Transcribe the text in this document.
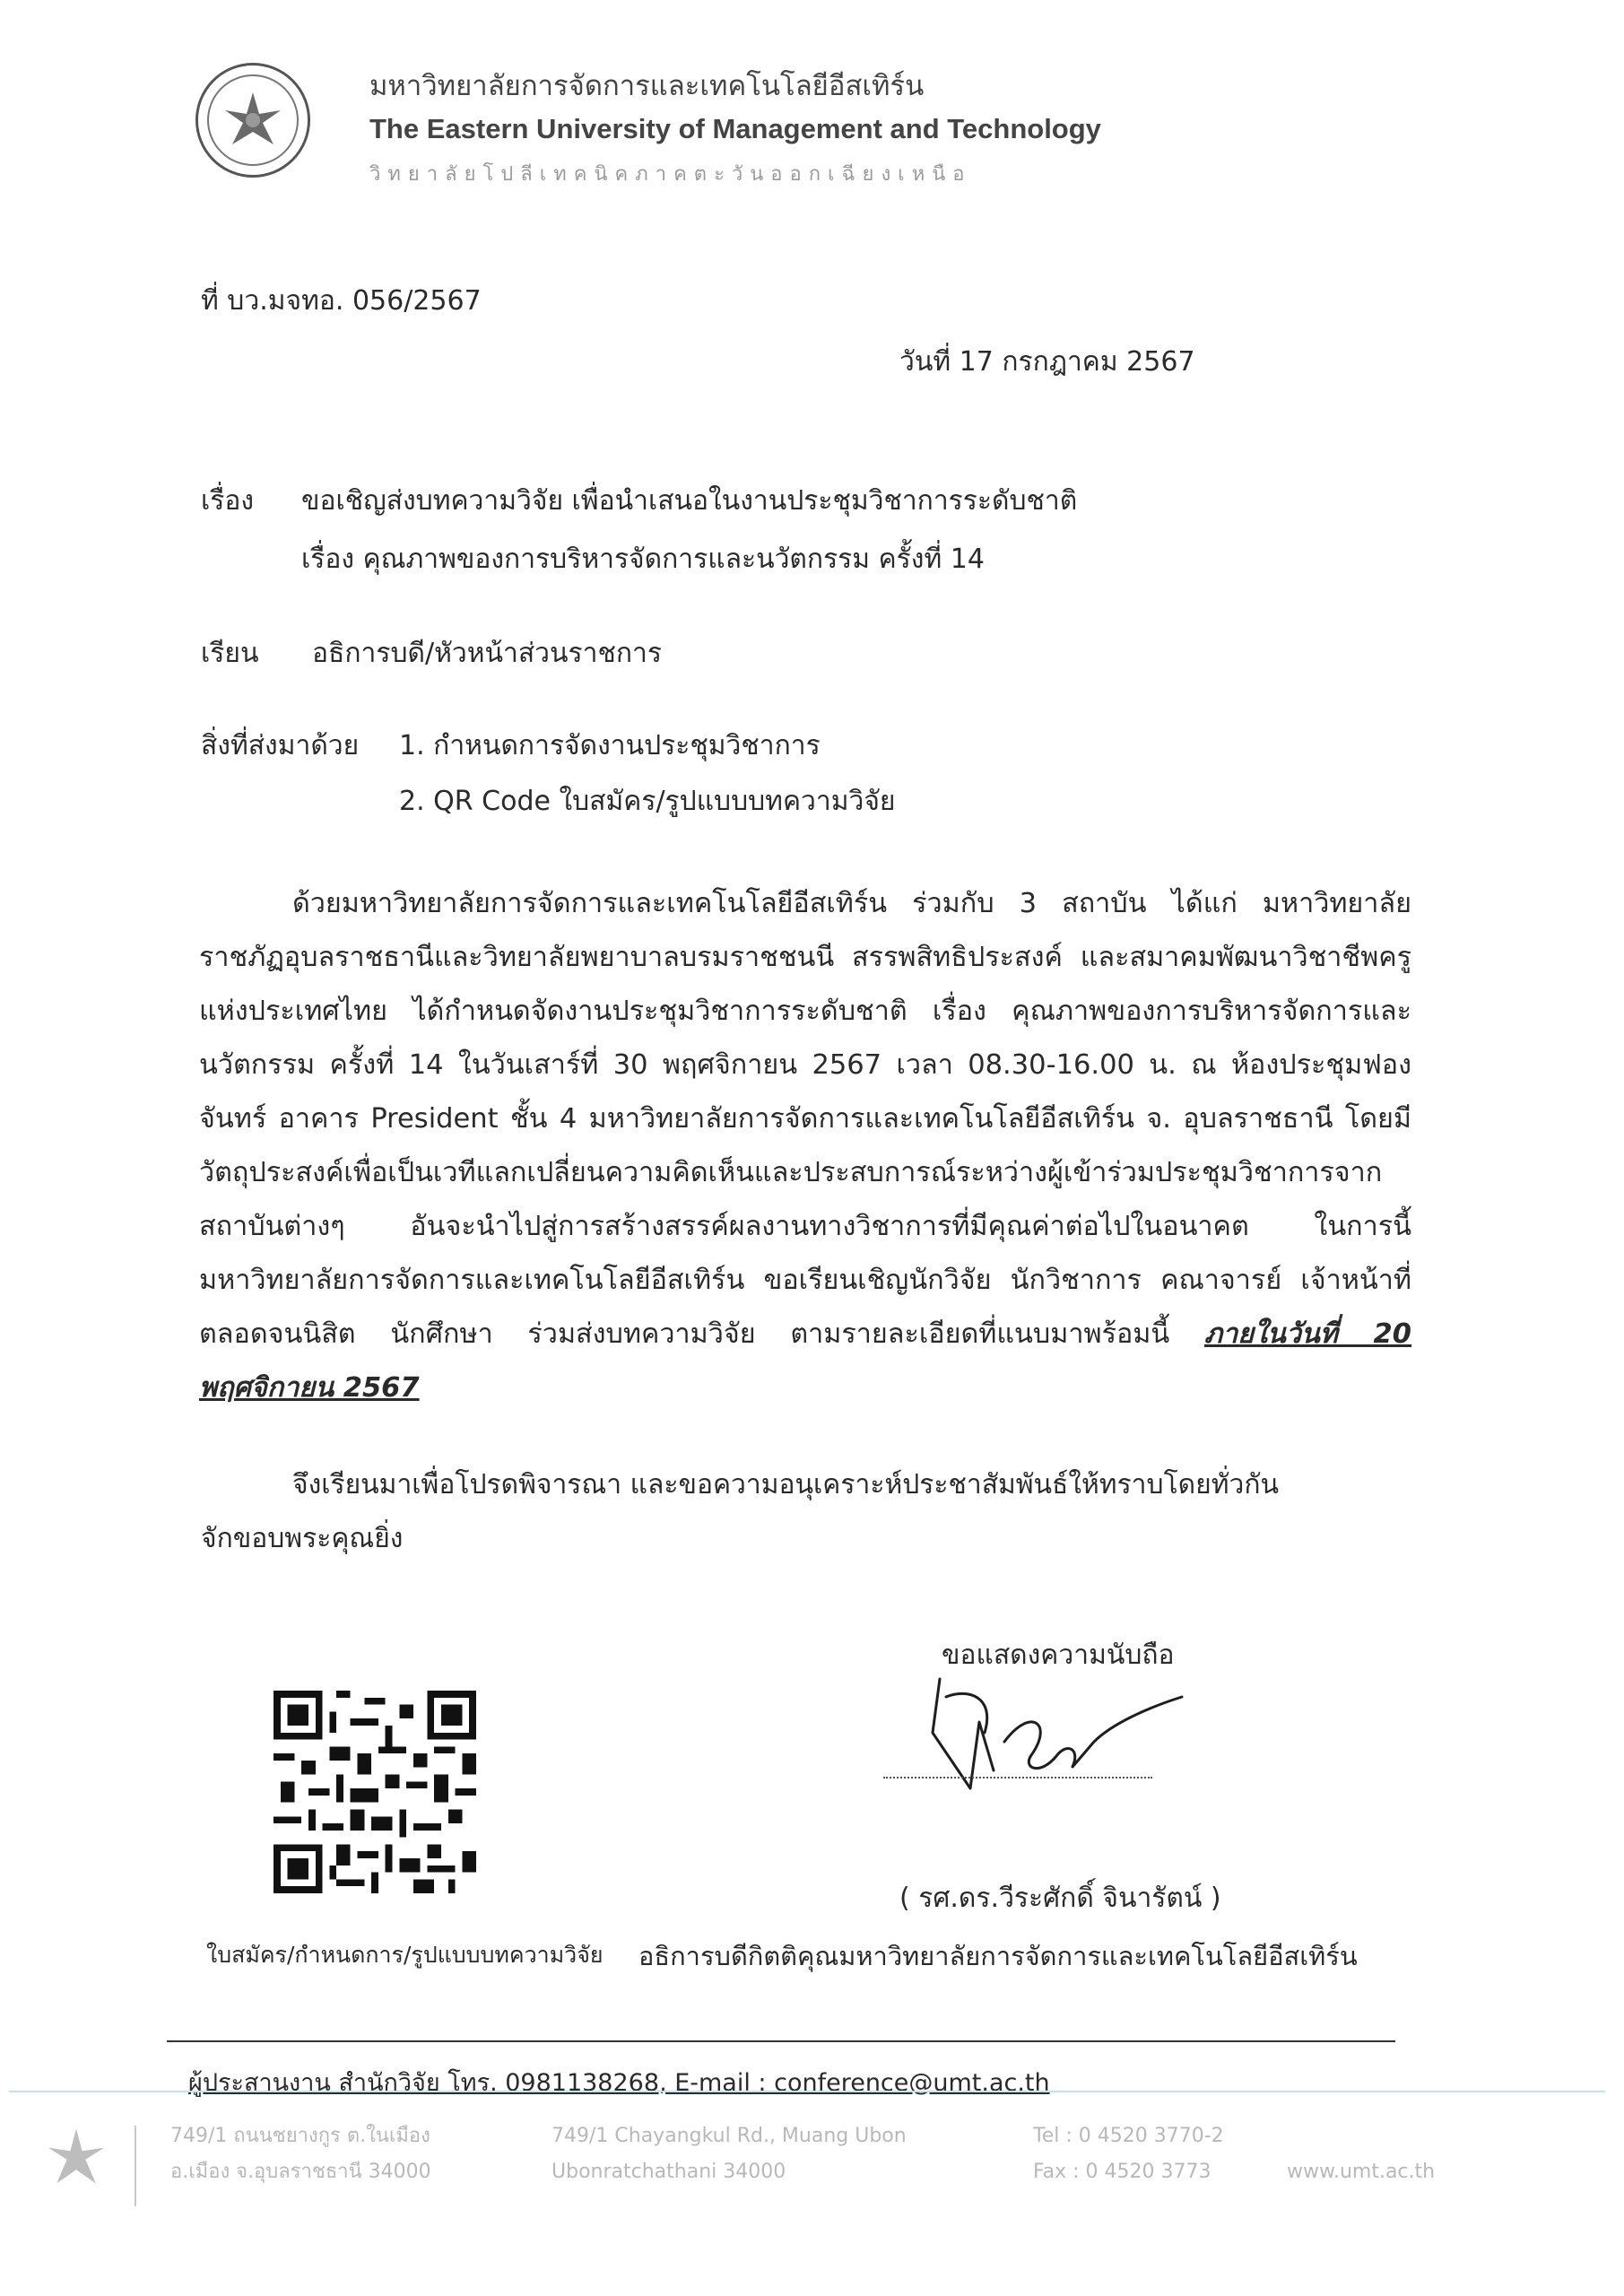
มหาวิทยาลัยการจัดการและเทคโนโลยีอีสเทิร์น
The Eastern University of Management and Technology
วิทยาลัยโปลีเทคนิคภาคตะวันออกเฉียงเหนือ
ที่ บว.มจทอ. 056/2567
วันที่ 17 กรกฎาคม 2567
เรื่อง ขอเชิญส่งบทความวิจัย เพื่อนำเสนอในงานประชุมวิชาการระดับชาติ
เรื่อง คุณภาพของการบริหารจัดการและนวัตกรรม ครั้งที่ 14
เรียน อธิการบดี/หัวหน้าส่วนราชการ
สิ่งที่ส่งมาด้วย 1. กำหนดการจัดงานประชุมวิชาการ
2. QR Code ใบสมัคร/รูปแบบบทความวิจัย
ด้วยมหาวิทยาลัยการจัดการและเทคโนโลยีอีสเทิร์น ร่วมกับ 3 สถาบัน ได้แก่ มหาวิทยาลัยราชภัฏอุบลราชธานีและวิทยาลัยพยาบาลบรมราชชนนี สรรพสิทธิประสงค์ และสมาคมพัฒนาวิชาชีพครูแห่งประเทศไทย ได้กำหนดจัดงานประชุมวิชาการระดับชาติ เรื่อง คุณภาพของการบริหารจัดการและนวัตกรรม ครั้งที่ 14 ในวันเสาร์ที่ 30 พฤศจิกายน 2567 เวลา 08.30-16.00 น. ณ ห้องประชุมฟองจันทร์ อาคาร President ชั้น 4 มหาวิทยาลัยการจัดการและเทคโนโลยีอีสเทิร์น จ. อุบลราชธานี โดยมีวัตถุประสงค์เพื่อเป็นเวทีแลกเปลี่ยนความคิดเห็นและประสบการณ์ระหว่างผู้เข้าร่วมประชุมวิชาการจากสถาบันต่างๆ อันจะนำไปสู่การสร้างสรรค์ผลงานทางวิชาการที่มีคุณค่าต่อไปในอนาคต ในการนี้ มหาวิทยาลัยการจัดการและเทคโนโลยีอีสเทิร์น ขอเรียนเชิญนักวิจัย นักวิชาการ คณาจารย์ เจ้าหน้าที่ ตลอดจนนิสิต นักศึกษา ร่วมส่งบทความวิจัย ตามรายละเอียดที่แนบมาพร้อมนี้ ภายในวันที่ 20 พฤศจิกายน 2567
จึงเรียนมาเพื่อโปรดพิจารณา และขอความอนุเคราะห์ประชาสัมพันธ์ให้ทราบโดยทั่วกัน
จักขอบพระคุณยิ่ง
ขอแสดงความนับถือ
( รศ.ดร.วีระศักดิ์ จินารัตน์ )
อธิการบดีกิตติคุณมหาวิทยาลัยการจัดการและเทคโนโลยีอีสเทิร์น
ใบสมัคร/กำหนดการ/รูปแบบบทความวิจัย
ผู้ประสานงาน สำนักวิจัย โทร. 0981138268, E-mail : conference@umt.ac.th
749/1 ถนนชยางกูร ต.ในเมือง
อ.เมือง จ.อุบลราชธานี 34000
749/1 Chayangkul Rd., Muang Ubon
Ubonratchathani 34000
Tel : 0 4520 3770-2
Fax : 0 4520 3773	www.umt.ac.th
